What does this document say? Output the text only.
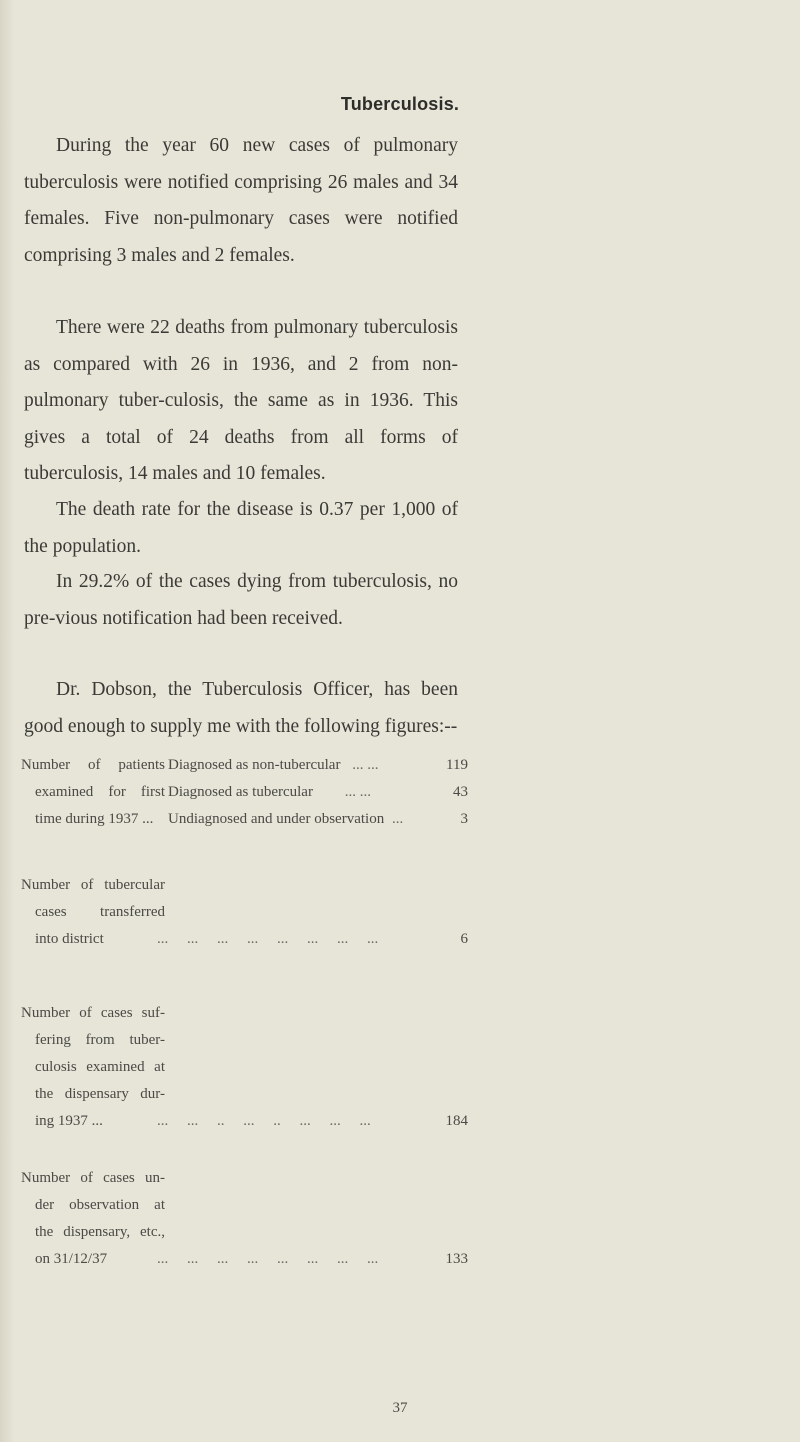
Tuberculosis.

During the year 60 new cases of pulmonary tuberculosis were notified comprising 26 males and 34 females. Five non-pulmonary cases were notified comprising 3 males and 2 females.

There were 22 deaths from pulmonary tuberculosis as compared with 26 in 1936, and 2 from non-pulmonary tuber-culosis, the same as in 1936. This gives a total of 24 deaths from all forms of tuberculosis, 14 males and 10 females.

The death rate for the disease is 0.37 per 1,000 of the population.

In 29.2% of the cases dying from tuberculosis, no pre-vious notification had been received.

Dr. Dobson, the Tuberculosis Officer, has been good enough to supply me with the following figures:--

Number of patients
examined for first
time during 1937 ...
Diagnosed as non-tubercular ... ...	119
Diagnosed as tubercular ... ...	43
Undiagnosed and under observation ...	3
Number of tubercular
cases transferred
into district	...     ...     ...     ...     ...     ...     ...     ...	6
Number of cases suf-
fering from tuber-
culosis examined at
the dispensary dur-
ing 1937 ...	...     ...     ..     ...     ..     ...     ...     ...	184
Number of cases un-
der observation at
the dispensary, etc.,
on 31/12/37	...     ...     ...     ...     ...     ...     ...     ...	133
37
